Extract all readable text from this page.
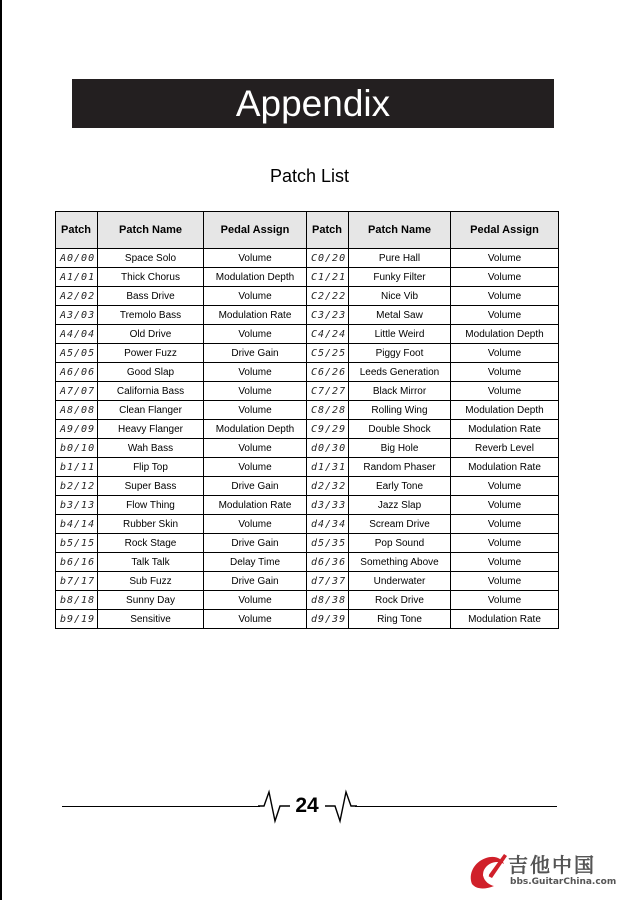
Appendix
Patch List
Patch	Patch Name	Pedal Assign	Patch	Patch Name	Pedal Assign
A0/00	Space Solo	Volume	C0/20	Pure Hall	Volume
A1/01	Thick Chorus	Modulation Depth	C1/21	Funky Filter	Volume
A2/02	Bass Drive	Volume	C2/22	Nice Vib	Volume
A3/03	Tremolo Bass	Modulation Rate	C3/23	Metal Saw	Volume
A4/04	Old Drive	Volume	C4/24	Little Weird	Modulation Depth
A5/05	Power Fuzz	Drive Gain	C5/25	Piggy Foot	Volume
A6/06	Good Slap	Volume	C6/26	Leeds Generation	Volume
A7/07	California Bass	Volume	C7/27	Black Mirror	Volume
A8/08	Clean Flanger	Volume	C8/28	Rolling Wing	Modulation Depth
A9/09	Heavy Flanger	Modulation Depth	C9/29	Double Shock	Modulation Rate
b0/10	Wah Bass	Volume	d0/30	Big Hole	Reverb Level
b1/11	Flip Top	Volume	d1/31	Random Phaser	Modulation Rate
b2/12	Super Bass	Drive Gain	d2/32	Early Tone	Volume
b3/13	Flow Thing	Modulation Rate	d3/33	Jazz Slap	Volume
b4/14	Rubber Skin	Volume	d4/34	Scream Drive	Volume
b5/15	Rock Stage	Drive Gain	d5/35	Pop Sound	Volume
b6/16	Talk Talk	Delay Time	d6/36	Something Above	Volume
b7/17	Sub Fuzz	Drive Gain	d7/37	Underwater	Volume
b8/18	Sunny Day	Volume	d8/38	Rock Drive	Volume
b9/19	Sensitive	Volume	d9/39	Ring Tone	Modulation Rate
24
吉他中国
bbs.GuitarChina.com
